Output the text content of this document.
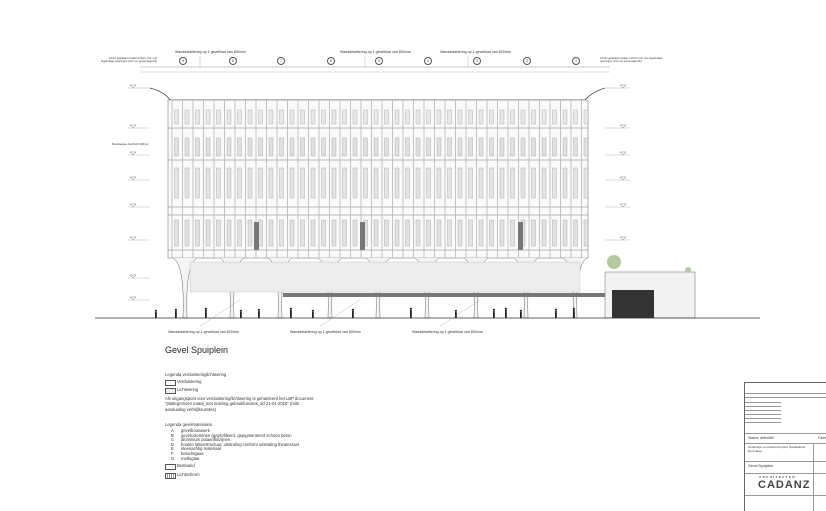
Wanddetaillering op 1 gevelblad van 800mm	Wanddetaillering op 1 gevelblad van 800mm	Wanddetaillering op 1 gevelblad van 800mm
schuin geplaatst metalen scherm incl. met regelmatige openingen (vorm en percentage tbk)
schuin geplaatst metalen scherm incl. met regelmatige openingen (vorm en percentage tbk)
Meerlaagse doorzicht 900mm
9	8	7	6	5	4	3	2	1
Wanddetaillering op 1 gevelblad van 800mm	Wanddetaillering op 1 gevelblad van 800mm	Wanddetaillering op 1 gevelblad van 800mm
Gevel Spuiplein
Legenda verduisteringlichtwering
Verduistering
Lichtwering
Als uitgangspunt voor verduistering/lichtwering is gehanteerd het LBP document "plattegronden totaal_met indeling gebruikfuncties_dd 21-01-2016" (mits aanduiding verblijfsruimtes)
Legenda gevelmaterialen
A gevelbouwwerk
B gevelcolommen (geprofileerd, gepigmenteerd schoon beton
C aluminium puiaanfluizijnen
D houten lattenstructuur, uitstraling conform uitstraling theaterzaal
E steenachtig materiaal
F beluchtgaas
G metlugtaa
Bestaand
Lichtscherm
Status: definitief	Fase
Onderwijs- en Cultuurcomplex Spuikwartier, Den Haag
Gevel Spuiplein
ARCHITECTEN
CADANZ
